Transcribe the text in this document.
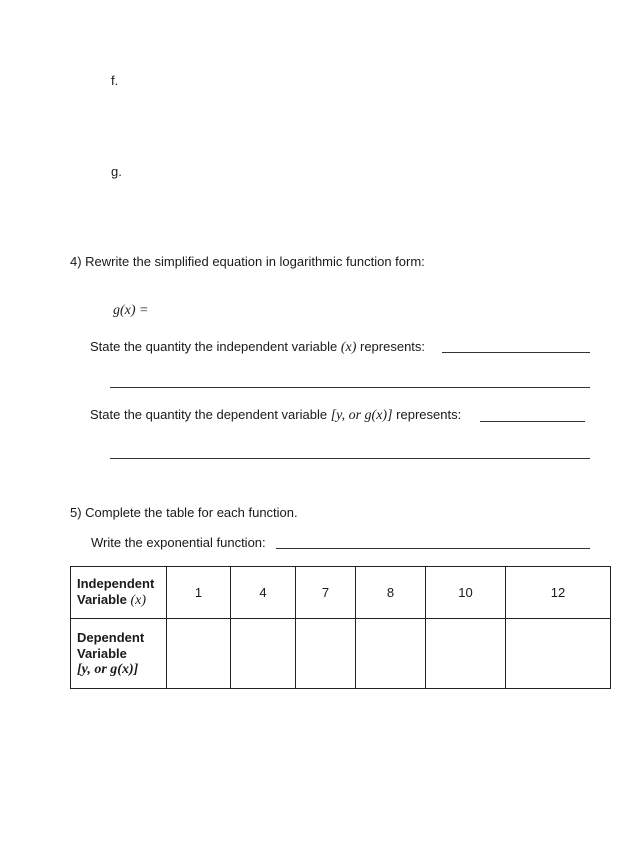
f.
g.
4) Rewrite the simplified equation in logarithmic function form:
g(x) =
State the quantity the independent variable (x) represents:
State the quantity the dependent variable [y, or g(x)] represents:
5) Complete the table for each function.
Write the exponential function:
Independent
Variable (x)	1	4	7	8	10	12

Dependent
Variable
[y, or g(x)]						
